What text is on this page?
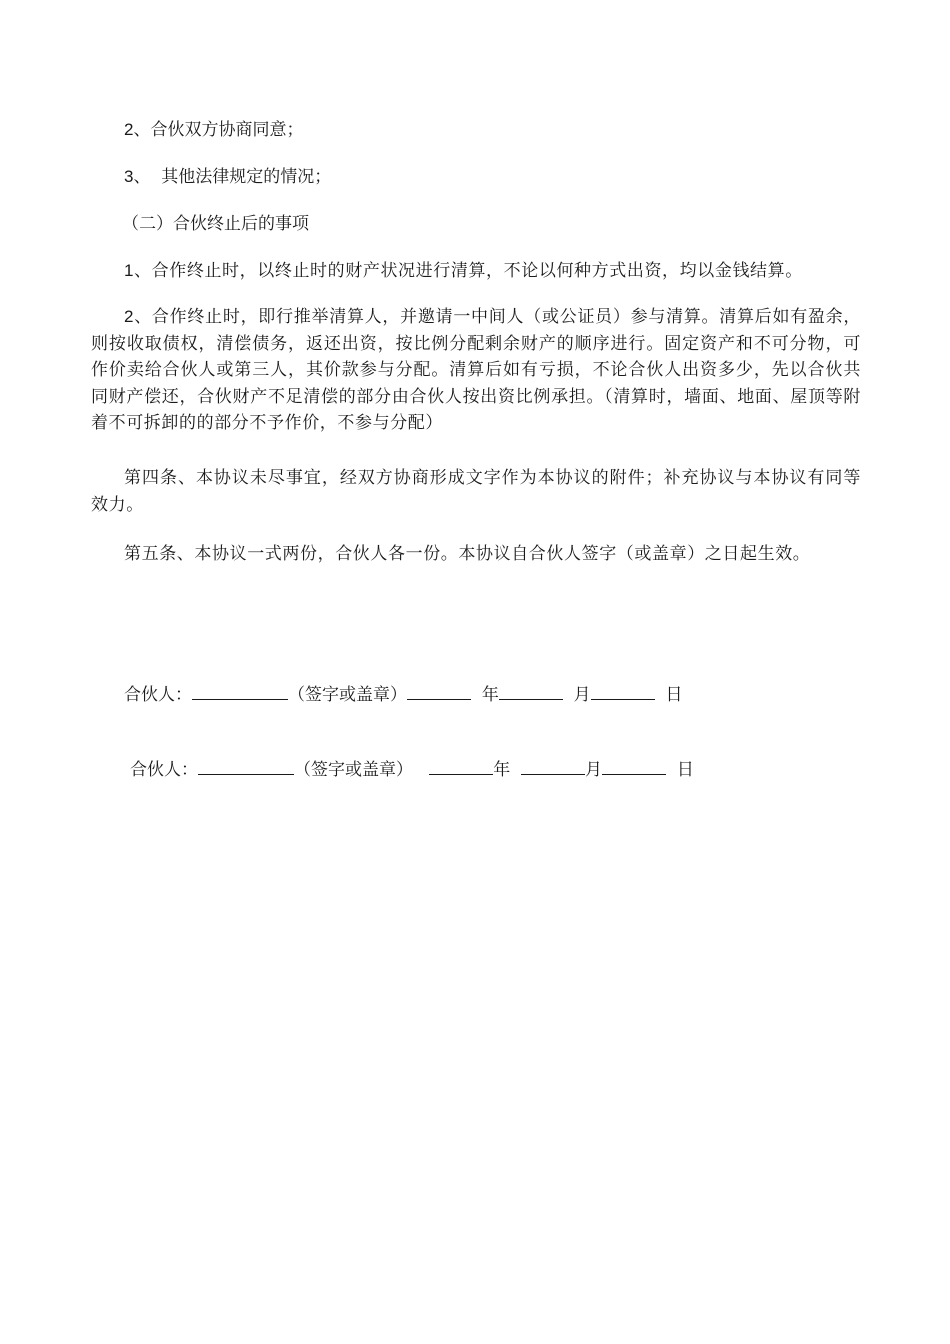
2、合伙双方协商同意；
3、  其他法律规定的情况；
（二）合伙终止后的事项
1、合作终止时，以终止时的财产状况进行清算，不论以何种方式出资，均以金钱结算。
2、合作终止时，即行推举清算人，并邀请一中间人（或公证员）参与清算。清算后如有盈余，则按收取债权，清偿债务，返还出资，按比例分配剩余财产的顺序进行。固定资产和不可分物，可作价卖给合伙人或第三人，其价款参与分配。清算后如有亏损，不论合伙人出资多少，先以合伙共同财产偿还，合伙财产不足清偿的部分由合伙人按出资比例承担。（清算时，墙面、地面、屋顶等附着不可拆卸的的部分不予作价，不参与分配）
第四条、本协议未尽事宜，经双方协商形成文字作为本协议的附件；补充协议与本协议有同等效力。
第五条、本协议一式两份，合伙人各一份。本协议自合伙人签字（或盖章）之日起生效。
合伙人：	（签字或盖章）	年	月	日
合伙人：	（签字或盖章）	年	月	日
